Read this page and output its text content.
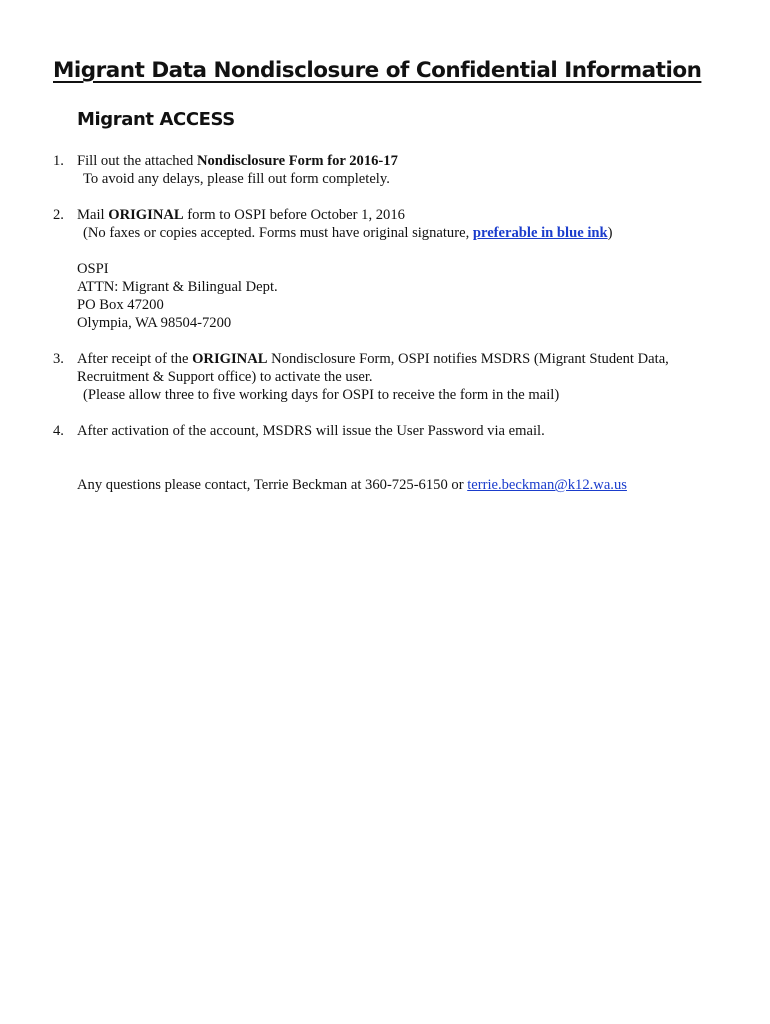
Migrant Data Nondisclosure of Confidential Information
Migrant ACCESS
1. Fill out the attached Nondisclosure Form for 2016-17

To avoid any delays, please fill out form completely.

2. Mail ORIGINAL form to OSPI before October 1, 2016

(No faxes or copies accepted. Forms must have original signature, preferable in blue ink)

OSPI

ATTN: Migrant & Bilingual Dept.

PO Box 47200

Olympia, WA 98504-7200

3. After receipt of the ORIGINAL Nondisclosure Form, OSPI notifies MSDRS (Migrant Student Data,

Recruitment & Support office) to activate the user.

(Please allow three to five working days for OSPI to receive the form in the mail)

4. After activation of the account, MSDRS will issue the User Password via email.

Any questions please contact, Terrie Beckman at 360-725-6150 or terrie.beckman@k12.wa.us
